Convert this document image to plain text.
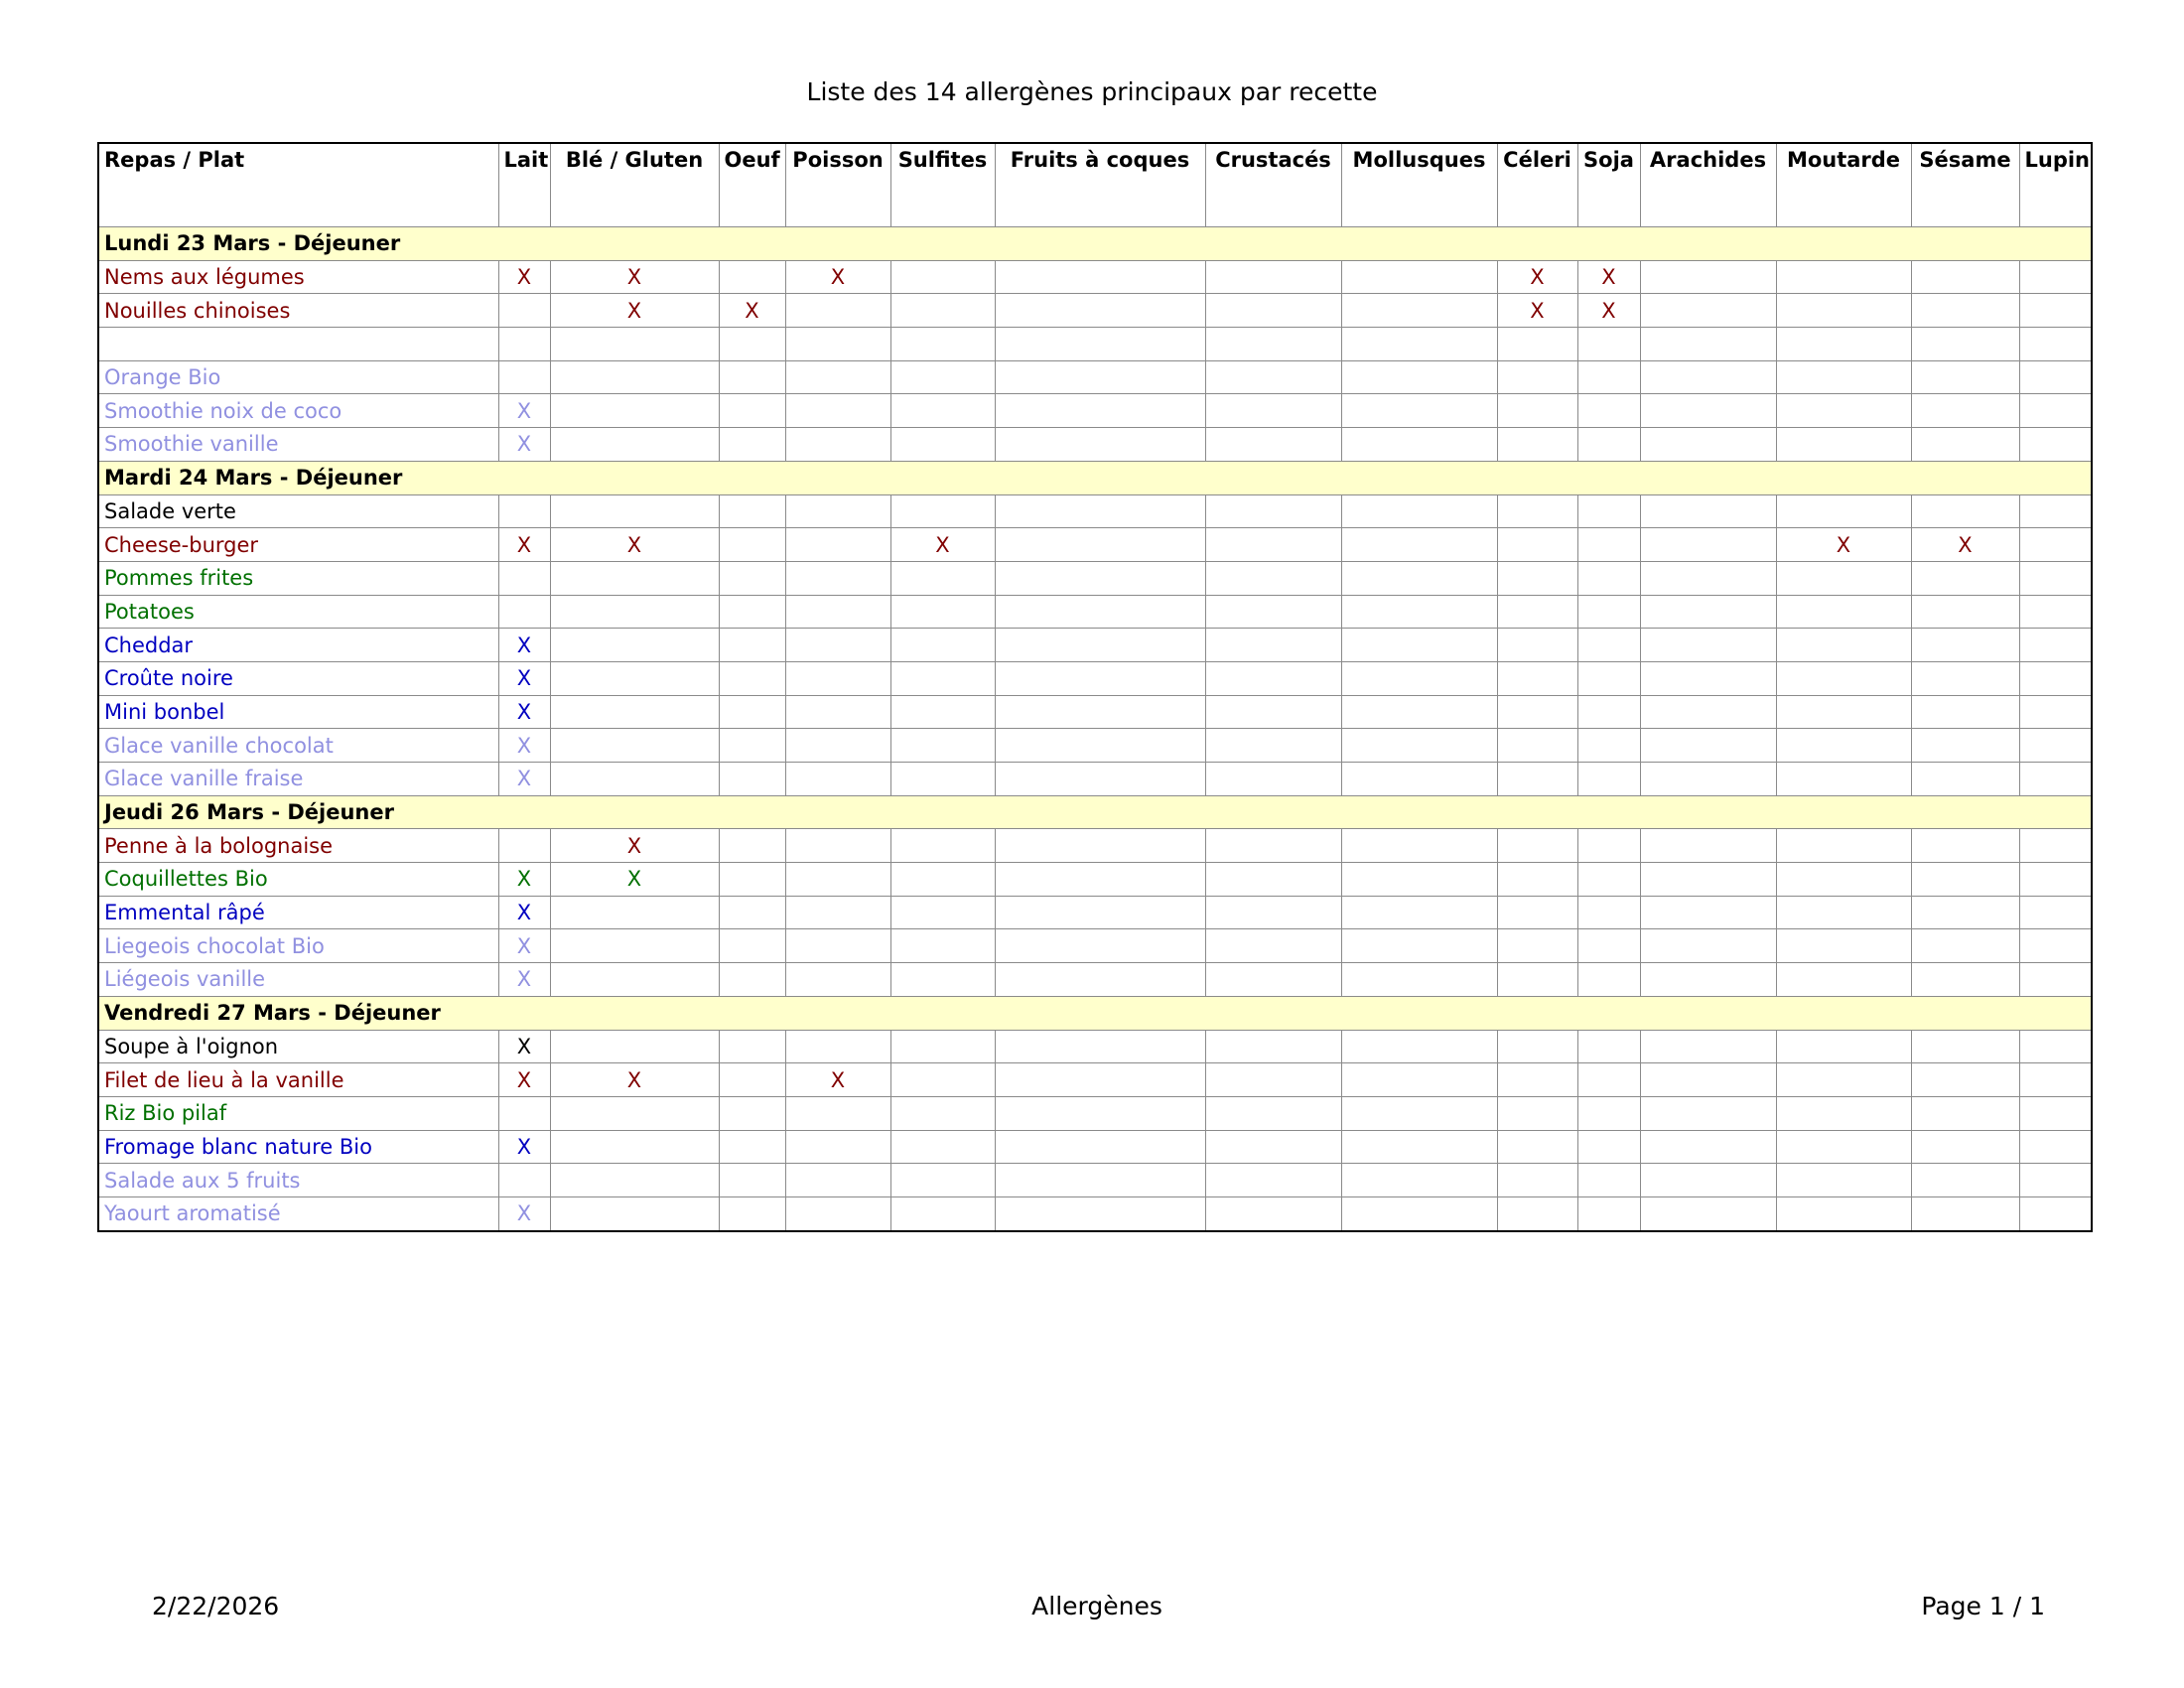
Liste des 14 allergènes principaux par recette
Repas / Plat	Lait	Blé / Gluten	Oeuf	Poisson	Sulfites	Fruits à coques	Crustacés	Mollusques	Céleri	Soja	Arachides	Moutarde	Sésame	Lupin
Lundi 23 Mars - Déjeuner														
Nems aux légumes	X	X		X					X	X				
Nouilles chinoises		X	X						X	X				

Orange Bio														
Smoothie noix de coco	X													
Smoothie vanille	X													
Mardi 24 Mars - Déjeuner														
Salade verte														
Cheese-burger	X	X			X							X	X	
Pommes frites														
Potatoes														
Cheddar	X													
Croûte noire	X													
Mini bonbel	X													
Glace vanille chocolat	X													
Glace vanille fraise	X													
Jeudi 26 Mars - Déjeuner														
Penne à la bolognaise		X												
Coquillettes Bio	X	X												
Emmental râpé	X													
Liegeois chocolat Bio	X													
Liégeois vanille	X													
Vendredi 27 Mars - Déjeuner														
Soupe à l'oignon	X													
Filet de lieu à la vanille	X	X		X										
Riz Bio pilaf														
Fromage blanc nature Bio	X													
Salade aux 5 fruits														
Yaourt aromatisé	X													
2/22/2026	Allergènes	Page 1 / 1
